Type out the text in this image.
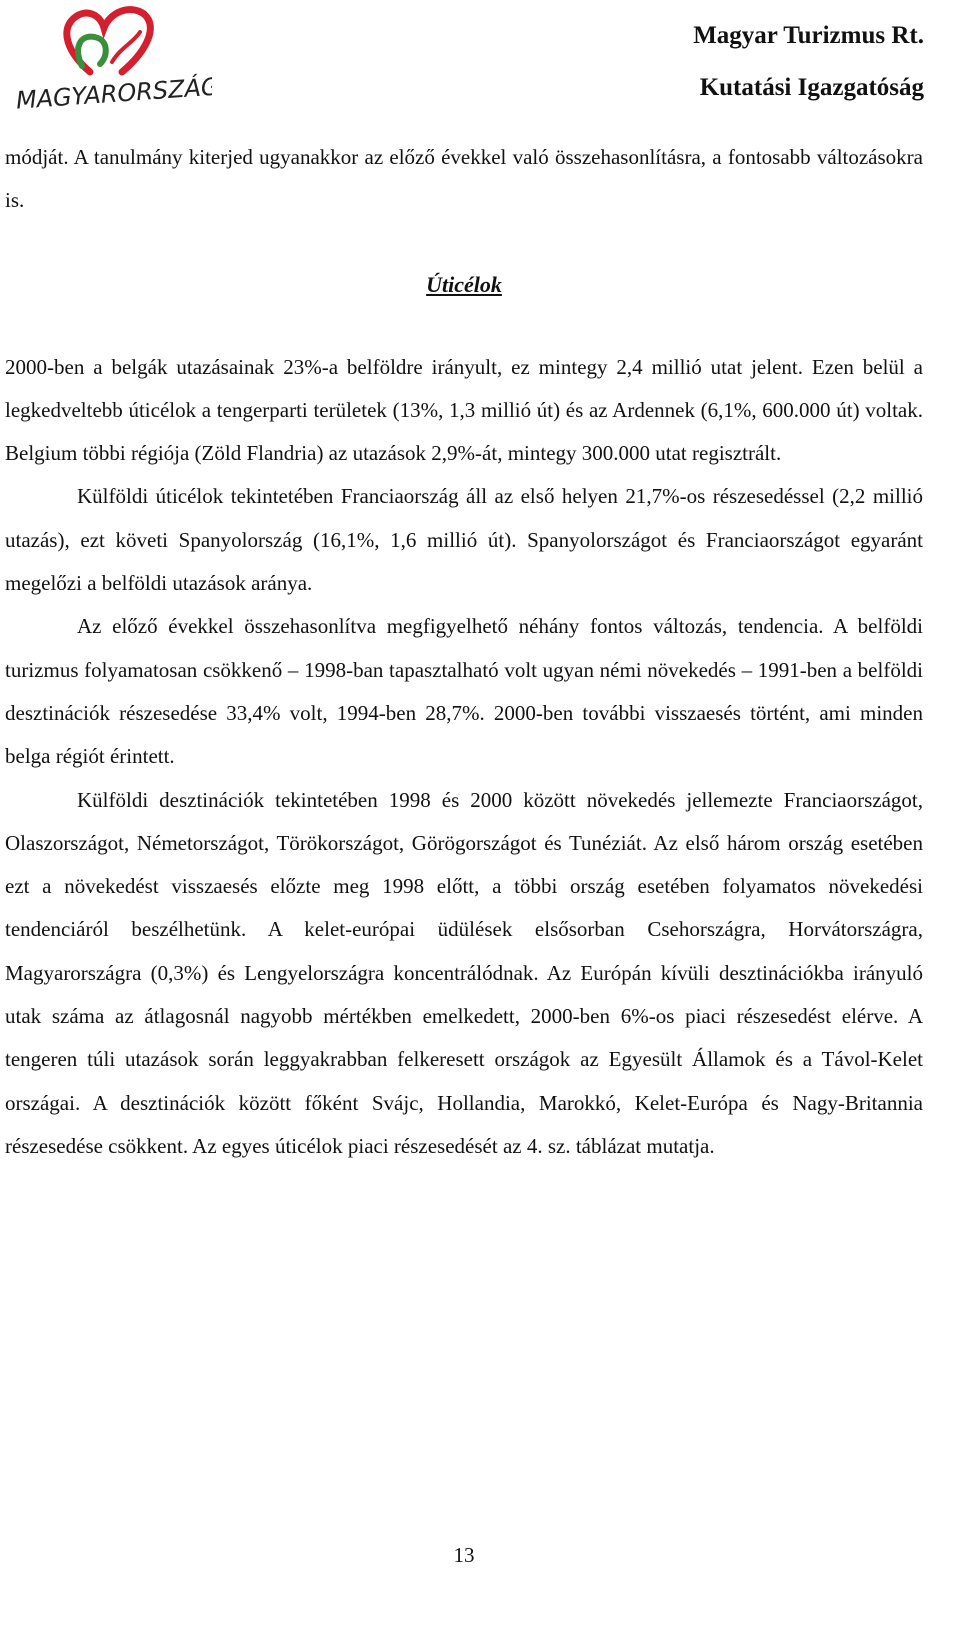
MAGYARORSZÁG
Magyar Turizmus Rt.
Kutatási Igazgatóság

módját. A tanulmány kiterjed ugyanakkor az előző évekkel való összehasonlításra, a fontosabb változásokra is.

Úticélok

2000-ben a belgák utazásainak 23%-a belföldre irányult, ez mintegy 2,4 millió utat jelent. Ezen belül a legkedveltebb úticélok a tengerparti területek (13%, 1,3 millió út) és az Ardennek (6,1%, 600.000 út) voltak. Belgium többi régiója (Zöld Flandria) az utazások 2,9%-át, mintegy 300.000 utat regisztrált.

Külföldi úticélok tekintetében Franciaország áll az első helyen 21,7%-os részesedéssel (2,2 millió utazás), ezt követi Spanyolország (16,1%, 1,6 millió út). Spanyolországot és Franciaországot egyaránt megelőzi a belföldi utazások aránya.

Az előző évekkel összehasonlítva megfigyelhető néhány fontos változás, tendencia. A belföldi turizmus folyamatosan csökkenő – 1998-ban tapasztalható volt ugyan némi növekedés – 1991-ben a belföldi desztinációk részesedése 33,4% volt, 1994-ben 28,7%. 2000-ben további visszaesés történt, ami minden belga régiót érintett.

Külföldi desztinációk tekintetében 1998 és 2000 között növekedés jellemezte Franciaországot, Olaszországot, Németországot, Törökországot, Görögországot és Tunéziát. Az első három ország esetében ezt a növekedést visszaesés előzte meg 1998 előtt, a többi ország esetében folyamatos növekedési tendenciáról beszélhetünk. A kelet-európai üdülések elsősorban Csehországra, Horvátországra, Magyarországra (0,3%) és Lengyelországra koncentrálódnak. Az Európán kívüli desztinációkba irányuló utak száma az átlagosnál nagyobb mértékben emelkedett, 2000-ben 6%-os piaci részesedést elérve. A tengeren túli utazások során leggyakrabban felkeresett országok az Egyesült Államok és a Távol-Kelet országai. A desztinációk között főként Svájc, Hollandia, Marokkó, Kelet-Európa és Nagy-Britannia részesedése csökkent. Az egyes úticélok piaci részesedését az 4. sz. táblázat mutatja.

13
